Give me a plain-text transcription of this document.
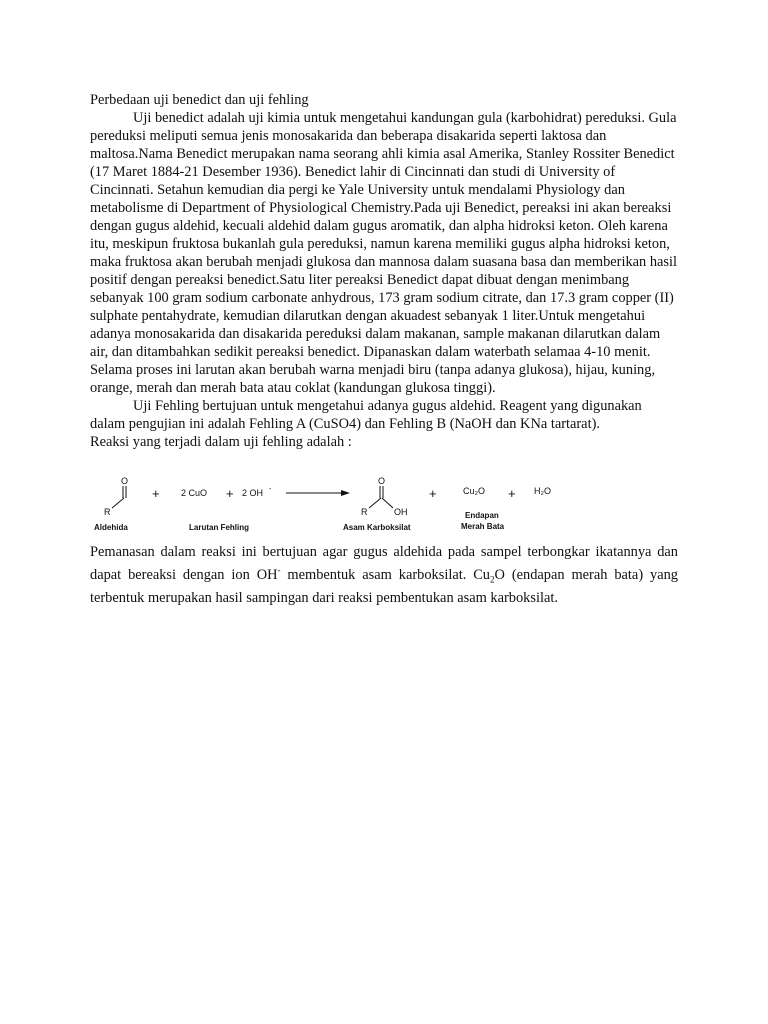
Perbedaan uji benedict dan uji fehling

Uji benedict adalah uji kimia untuk mengetahui kandungan gula (karbohidrat) pereduksi. Gula pereduksi meliputi semua jenis monosakarida dan beberapa disakarida seperti laktosa dan maltosa.Nama Benedict merupakan nama seorang ahli kimia asal Amerika, Stanley Rossiter Benedict (17 Maret 1884-21 Desember 1936). Benedict lahir di Cincinnati dan studi di University of Cincinnati. Setahun kemudian dia pergi ke Yale University untuk mendalami Physiology dan metabolisme di Department of Physiological Chemistry.Pada uji Benedict, pereaksi ini akan bereaksi dengan gugus aldehid, kecuali aldehid dalam gugus aromatik, dan alpha hidroksi keton. Oleh karena itu, meskipun fruktosa bukanlah gula pereduksi, namun karena memiliki gugus alpha hidroksi keton, maka fruktosa akan berubah menjadi glukosa dan mannosa dalam suasana basa dan memberikan hasil positif dengan pereaksi benedict.Satu liter pereaksi Benedict dapat dibuat dengan menimbang sebanyak 100 gram sodium carbonate anhydrous, 173 gram sodium citrate, dan 17.3 gram copper (II) sulphate pentahydrate, kemudian dilarutkan dengan akuadest sebanyak 1 liter.Untuk mengetahui adanya monosakarida dan disakarida pereduksi dalam makanan, sample makanan dilarutkan dalam air, dan ditambahkan sedikit pereaksi benedict. Dipanaskan dalam waterbath selamaa 4-10 menit. Selama proses ini larutan akan berubah warna menjadi biru (tanpa adanya glukosa), hijau, kuning, orange, merah dan merah bata atau coklat (kandungan glukosa tinggi).

Uji Fehling bertujuan untuk mengetahui adanya gugus aldehid. Reagent yang digunakan dalam pengujian ini adalah Fehling A (CuSO4) dan Fehling B (NaOH dan KNa tartarat).

Reaksi yang terjadi dalam uji fehling adalah :

O
R
Aldehida
+ 2 CuO + 2 OH -
Larutan Fehling
O
R	OH
Asam Karboksilat
+	Cu₂O
Endapan
Merah Bata
+ H₂O

Pemanasan dalam reaksi ini bertujuan agar gugus aldehida pada sampel terbongkar ikatannya dan dapat bereaksi dengan ion OH- membentuk asam karboksilat. $Cu_2O$ (endapan merah bata) yang terbentuk merupakan hasil sampingan dari reaksi pembentukan asam karboksilat.
